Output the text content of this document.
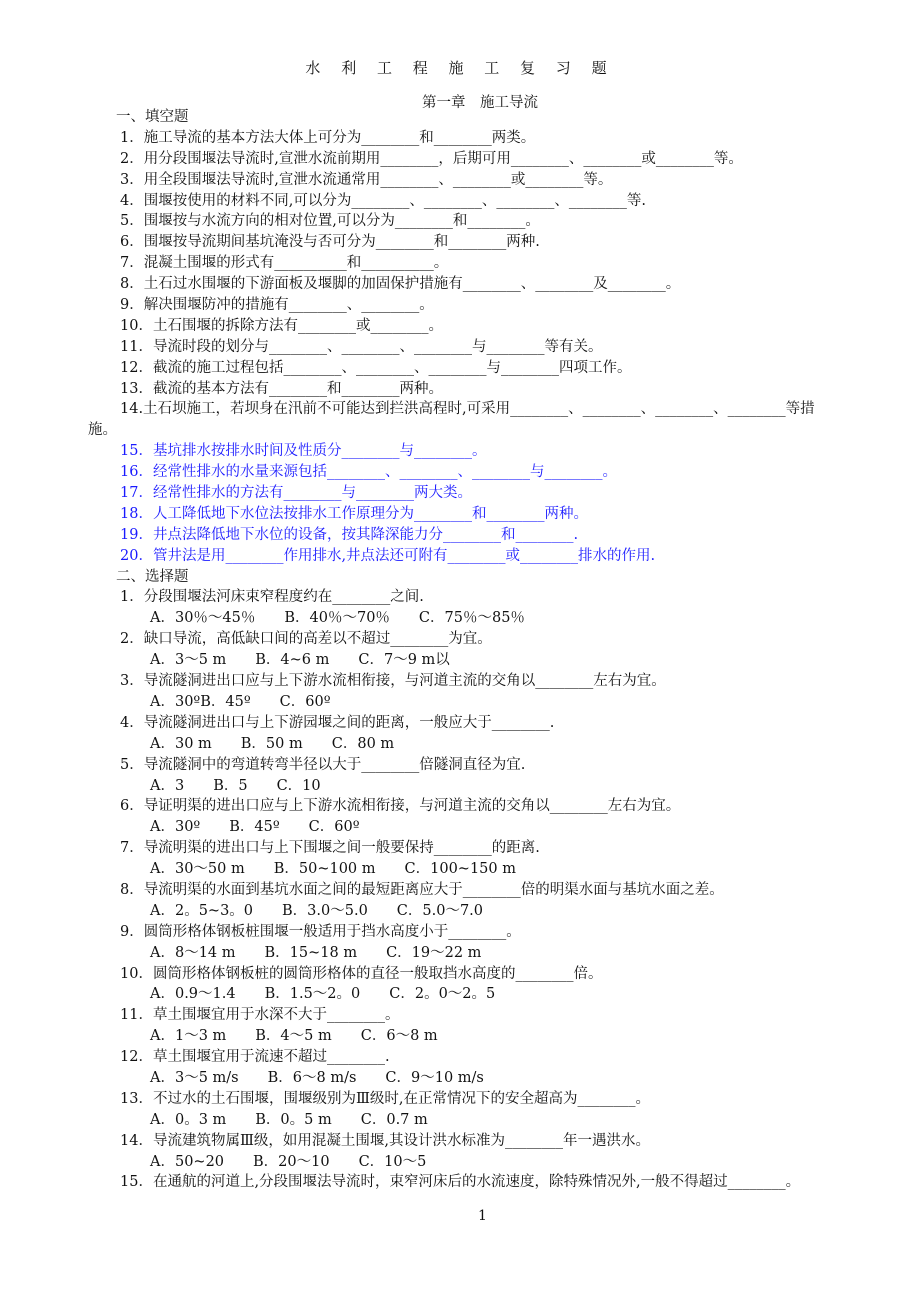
水 利 工 程 施 工 复 习 题
第一章　施工导流
一、填空题
1．施工导流的基本方法大体上可分为________和________两类。
2．用分段围堰法导流时,宣泄水流前期用________，后期可用________、________或________等。
3．用全段围堰法导流时,宣泄水流通常用________、________或________等。
4．围堰按使用的材料不同,可以分为________、________、________、________等.
5．围堰按与水流方向的相对位置,可以分为________和________。
6．围堰按导流期间基坑淹没与否可分为________和________两种.
7．混凝土围堰的形式有__________和__________。
8．土石过水围堰的下游面板及堰脚的加固保护措施有________、________及________。
9．解决围堰防冲的措施有________、________。
10．土石围堰的拆除方法有________或________。
11．导流时段的划分与________、________、________与________等有关。
12．截流的施工过程包括________、________、________与________四项工作。
13．截流的基本方法有________和________两种。
14.土石坝施工，若坝身在汛前不可能达到拦洪高程时,可采用________、________、________、________等措
施。
15．基坑排水按排水时间及性质分________与________。
16．经常性排水的水量来源包括________、________、________与________。
17．经常性排水的方法有________与________两大类。
18．人工降低地下水位法按排水工作原理分为________和________两种。
19．井点法降低地下水位的设备，按其降深能力分________和________.
20．管井法是用________作用排水,井点法还可附有________或________排水的作用.
二、选择题
1．分段围堰法河床束窄程度约在________之间.
A．30％～45％　　B．40％～70％　　C．75％～85％
2．缺口导流，高低缺口间的高差以不超过________为宜。
A．3～5 m　　B．4~6 m　　C．7～9 m以
3．导流隧洞进出口应与上下游水流相衔接，与河道主流的交角以________左右为宜。
A．30ºB．45º　　C．60º
4．导流隧洞进出口与上下游园堰之间的距离，一般应大于________.
A．30 m　　B．50 m　　C．80 m
5．导流隧洞中的弯道转弯半径以大于________倍隧洞直径为宜.
A．3　　B．5　　C．10
6．导证明渠的进出口应与上下游水流相衔接，与河道主流的交角以________左右为宜。
A．30º　　B．45º　　C．60º
7．导流明渠的进出口与上下围堰之间一般要保持________的距离.
A．30～50 m　　B．50~100 m　　C．100~150 m
8．导流明渠的水面到基坑水面之间的最短距离应大于________倍的明渠水面与基坑水面之差。
A．2。5~3。0　　B．3.0～5.0　　C．5.0～7.0
9．圆筒形格体钢板桩围堰一般适用于挡水高度小于________。
A．8～14 m　　B．15~18 m　　C．19～22 m
10．圆筒形格体钢板桩的圆筒形格体的直径一般取挡水高度的________倍。
A．0.9～1.4　　B．1.5～2。0　　C．2。0～2。5
11．草土围堰宜用于水深不大于________。
A．1～3 m　　B．4～5 m　　C．6～8 m
12．草土围堰宜用于流速不超过________.
A．3～5 m/s　　B．6～8 m/s　　C．9～10 m/s
13．不过水的土石围堰，围堰级别为Ⅲ级时,在正常情况下的安全超高为________。
A．0。3 m　　B．0。5 m　　C．0.7 m
14．导流建筑物属Ⅲ级，如用混凝土围堰,其设计洪水标准为________年一遇洪水。
A．50~20　　B．20～10　　C．10～5
15．在通航的河道上,分段围堰法导流时，束窄河床后的水流速度，除特殊情况外,一般不得超过________。
1
